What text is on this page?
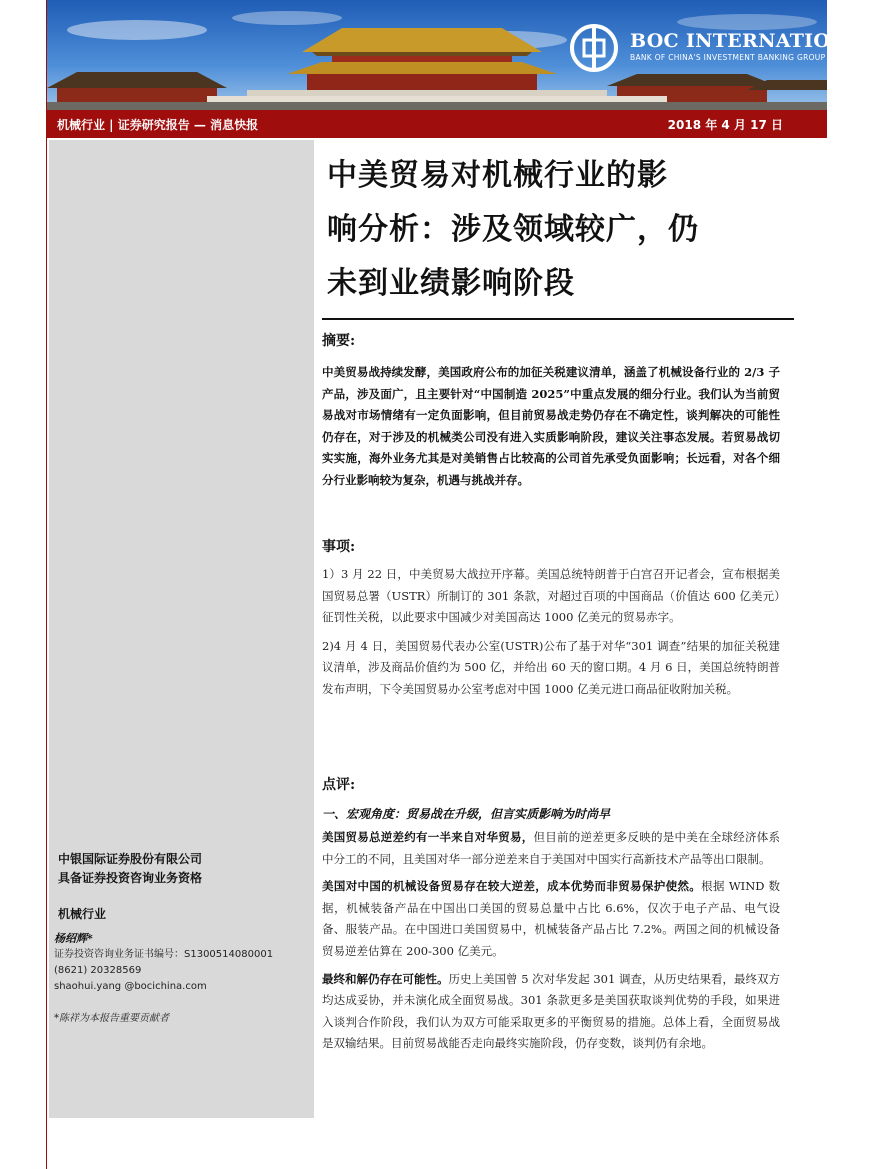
BOC INTERNATIONAL
BANK OF CHINA'S INVESTMENT BANKING GROUP
机械行业 | 证券研究报告 — 消息快报	2018 年 4 月 17 日
中银国际证券股份有限公司
具备证券投资咨询业务资格
机械行业
杨绍辉*
证券投资咨询业务证书编号：S1300514080001
(8621) 20328569
shaohui.yang @bocichina.com
*陈祥为本报告重要贡献者
中美贸易对机械行业的影
响分析：涉及领域较广，仍
未到业绩影响阶段
摘要:
中美贸易战持续发酵，美国政府公布的加征关税建议清单，涵盖了机械设备行业的 2/3 子产品，涉及面广，且主要针对“中国制造 2025”中重点发展的细分行业。我们认为当前贸易战对市场情绪有一定负面影响，但目前贸易战走势仍存在不确定性，谈判解决的可能性仍存在，对于涉及的机械类公司没有进入实质影响阶段，建议关注事态发展。若贸易战切实实施，海外业务尤其是对美销售占比较高的公司首先承受负面影响；长远看，对各个细分行业影响较为复杂，机遇与挑战并存。
事项:
1）3 月 22 日，中美贸易大战拉开序幕。美国总统特朗普于白宫召开记者会，宣布根据美国贸易总署（USTR）所制订的 301 条款，对超过百项的中国商品（价值达 600 亿美元）征罚性关税，以此要求中国减少对美国高达 1000 亿美元的贸易赤字。
2)4 月 4 日，美国贸易代表办公室(USTR)公布了基于对华“301 调查”结果的加征关税建议清单，涉及商品价值约为 500 亿，并给出 60 天的窗口期。4 月 6 日，美国总统特朗普发布声明，下令美国贸易办公室考虑对中国 1000 亿美元进口商品征收附加关税。
点评:
一、宏观角度：贸易战在升级，但言实质影响为时尚早
美国贸易总逆差约有一半来自对华贸易，但目前的逆差更多反映的是中美在全球经济体系中分工的不同，且美国对华一部分逆差来自于美国对中国实行高新技术产品等出口限制。
美国对中国的机械设备贸易存在较大逆差，成本优势而非贸易保护使然。根据 WIND 数据，机械装备产品在中国出口美国的贸易总量中占比 6.6%，仅次于电子产品、电气设备、服装产品。在中国进口美国贸易中，机械装备产品占比 7.2%。两国之间的机械设备贸易逆差估算在 200-300 亿美元。
最终和解仍存在可能性。历史上美国曾 5 次对华发起 301 调查，从历史结果看，最终双方均达成妥协，并未演化成全面贸易战。301 条款更多是美国获取谈判优势的手段，如果进入谈判合作阶段，我们认为双方可能采取更多的平衡贸易的措施。总体上看，全面贸易战是双输结果。目前贸易战能否走向最终实施阶段，仍存变数，谈判仍有余地。
